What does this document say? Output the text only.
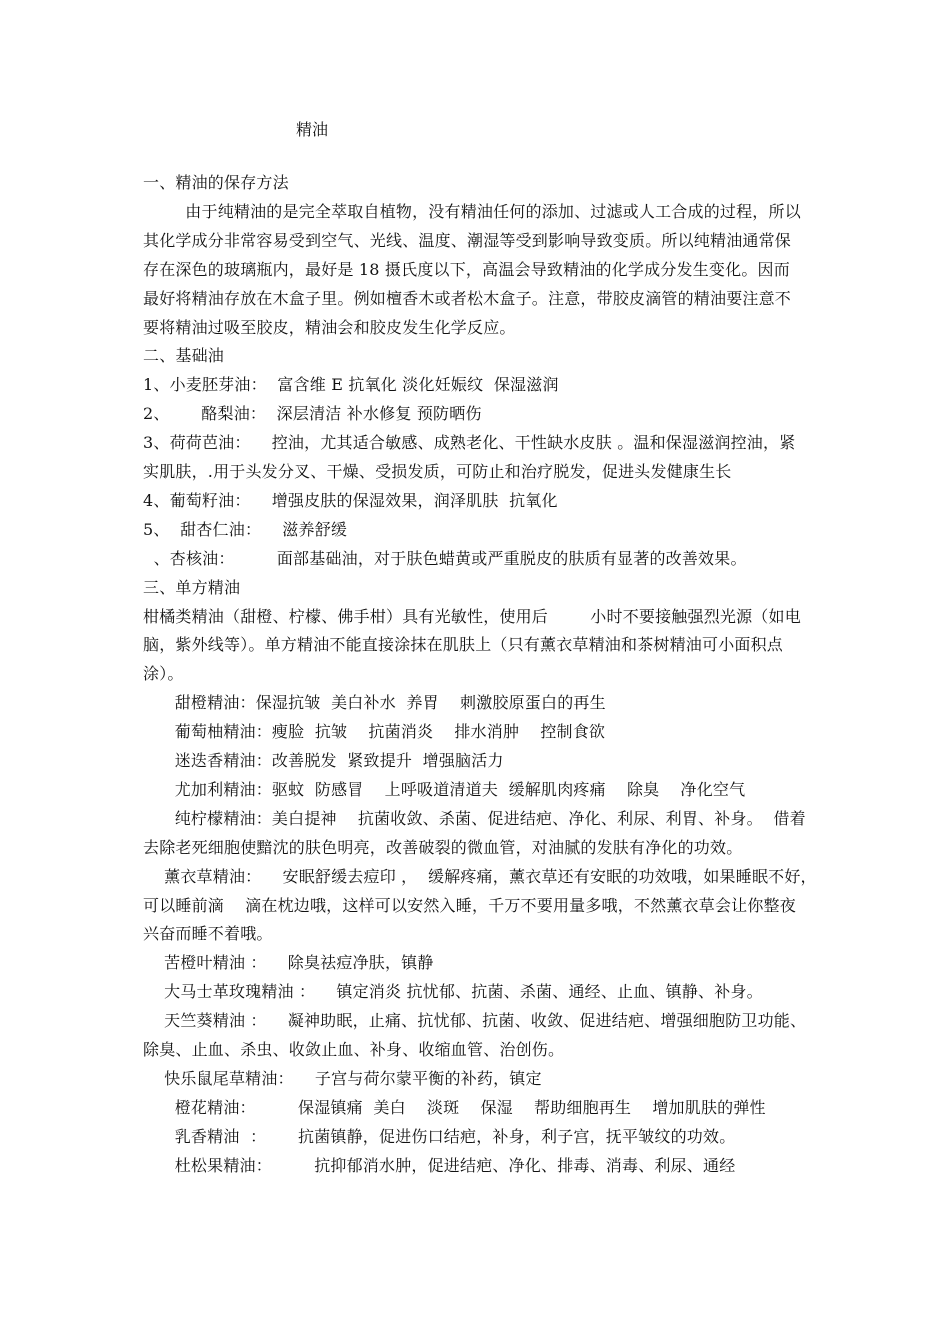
精油
一、精油的保存方法
由于纯精油的是完全萃取自植物，没有精油任何的添加、过滤或人工合成的过程，所以
其化学成分非常容易受到空气、光线、温度、潮湿等受到影响导致变质。所以纯精油通常保
存在深色的玻璃瓶内，最好是 18 摄氏度以下，高温会导致精油的化学成分发生变化。因而
最好将精油存放在木盒子里。例如檀香木或者松木盒子。注意，带胶皮滴管的精油要注意不
要将精油过吸至胶皮，精油会和胶皮发生化学反应。
二、基础油
1、小麦胚芽油：  富含维 E 抗氧化 淡化妊娠纹  保湿滋润
2、      酪梨油：  深层清洁 补水修复 预防晒伤
3、荷荷芭油：    控油，尤其适合敏感、成熟老化、干性缺水皮肤 。温和保湿滋润控油，紧
实肌肤，.用于头发分叉、干燥、受损发质，可防止和治疗脱发，促进头发健康生长
4、葡萄籽油：    增强皮肤的保湿效果，润泽肌肤  抗氧化
5、  甜杏仁油：    滋养舒缓
、杏核油：        面部基础油，对于肤色蜡黄或严重脱皮的肤质有显著的改善效果。
三、单方精油
柑橘类精油（甜橙、柠檬、佛手柑）具有光敏性，使用后        小时不要接触强烈光源（如电
脑，紫外线等）。单方精油不能直接涂抹在肌肤上（只有薰衣草精油和茶树精油可小面积点
涂）。
甜橙精油：保湿抗皱  美白补水  养胃    刺激胶原蛋白的再生
葡萄柚精油：瘦脸  抗皱    抗菌消炎    排水消肿    控制食欲
迷迭香精油：改善脱发  紧致提升  增强脑活力
尤加利精油：驱蚊  防感冒    上呼吸道清道夫  缓解肌肉疼痛    除臭    净化空气
纯柠檬精油：美白提神    抗菌收敛、杀菌、促进结疤、净化、利尿、利胃、补身。  借着
去除老死细胞使黯沈的肤色明亮，改善破裂的微血管，对油腻的发肤有净化的功效。
薰衣草精油：    安眠舒缓去痘印 ，  缓解疼痛，薰衣草还有安眠的功效哦，如果睡眠不好，
可以睡前滴    滴在枕边哦，这样可以安然入睡，千万不要用量多哦，不然薰衣草会让你整夜
兴奋而睡不着哦。
苦橙叶精油 ：    除臭祛痘净肤，镇静
大马士革玫瑰精油 ：    镇定消炎 抗忧郁、抗菌、杀菌、通经、止血、镇静、补身。
天竺葵精油 ：    凝神助眠，止痛、抗忧郁、抗菌、收敛、促进结疤、增强细胞防卫功能、
除臭、止血、杀虫、收敛止血、补身、收缩血管、治创伤。
快乐鼠尾草精油：    子宫与荷尔蒙平衡的补药，镇定
橙花精油：        保湿镇痛  美白    淡斑    保湿    帮助细胞再生    增加肌肤的弹性
乳香精油  ：      抗菌镇静，促进伤口结疤，补身，利子宫，抚平皱纹的功效。
杜松果精油：        抗抑郁消水肿，促进结疤、净化、排毒、消毒、利尿、通经
